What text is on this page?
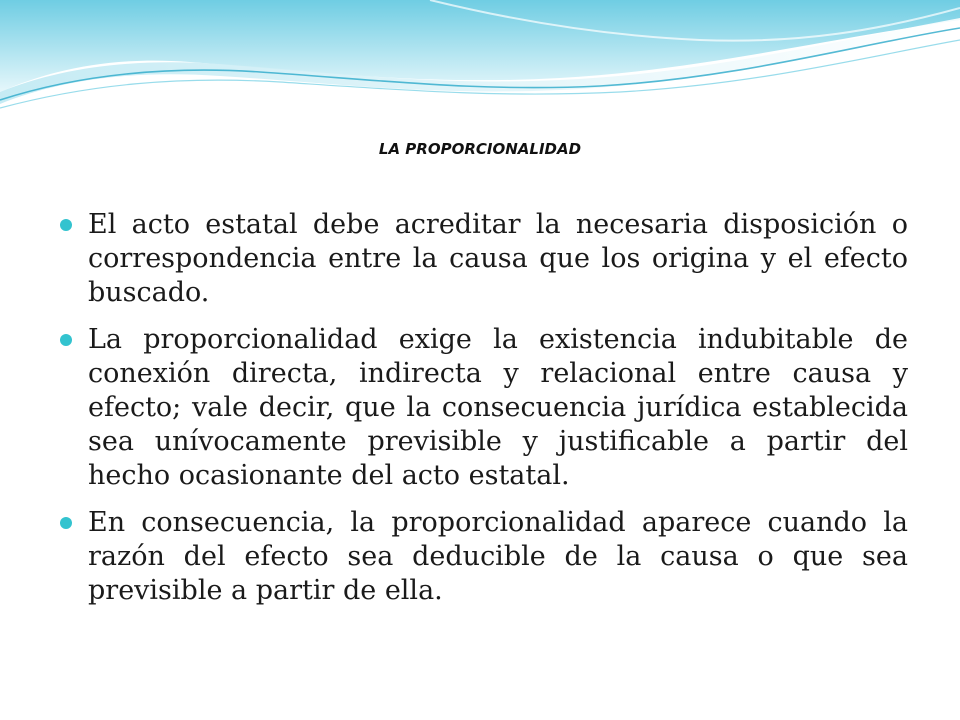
LA PROPORCIONALIDAD
El acto estatal debe acreditar la necesaria disposición o correspondencia entre la causa que los origina y el efecto buscado.
La proporcionalidad exige la existencia indubitable de conexión directa, indirecta y relacional entre causa y efecto; vale decir, que la consecuencia jurídica establecida sea unívocamente previsible y justificable a partir del hecho ocasionante del acto estatal.
En consecuencia, la proporcionalidad aparece cuando la razón del efecto sea deducible de la causa o que sea previsible a partir de ella.
